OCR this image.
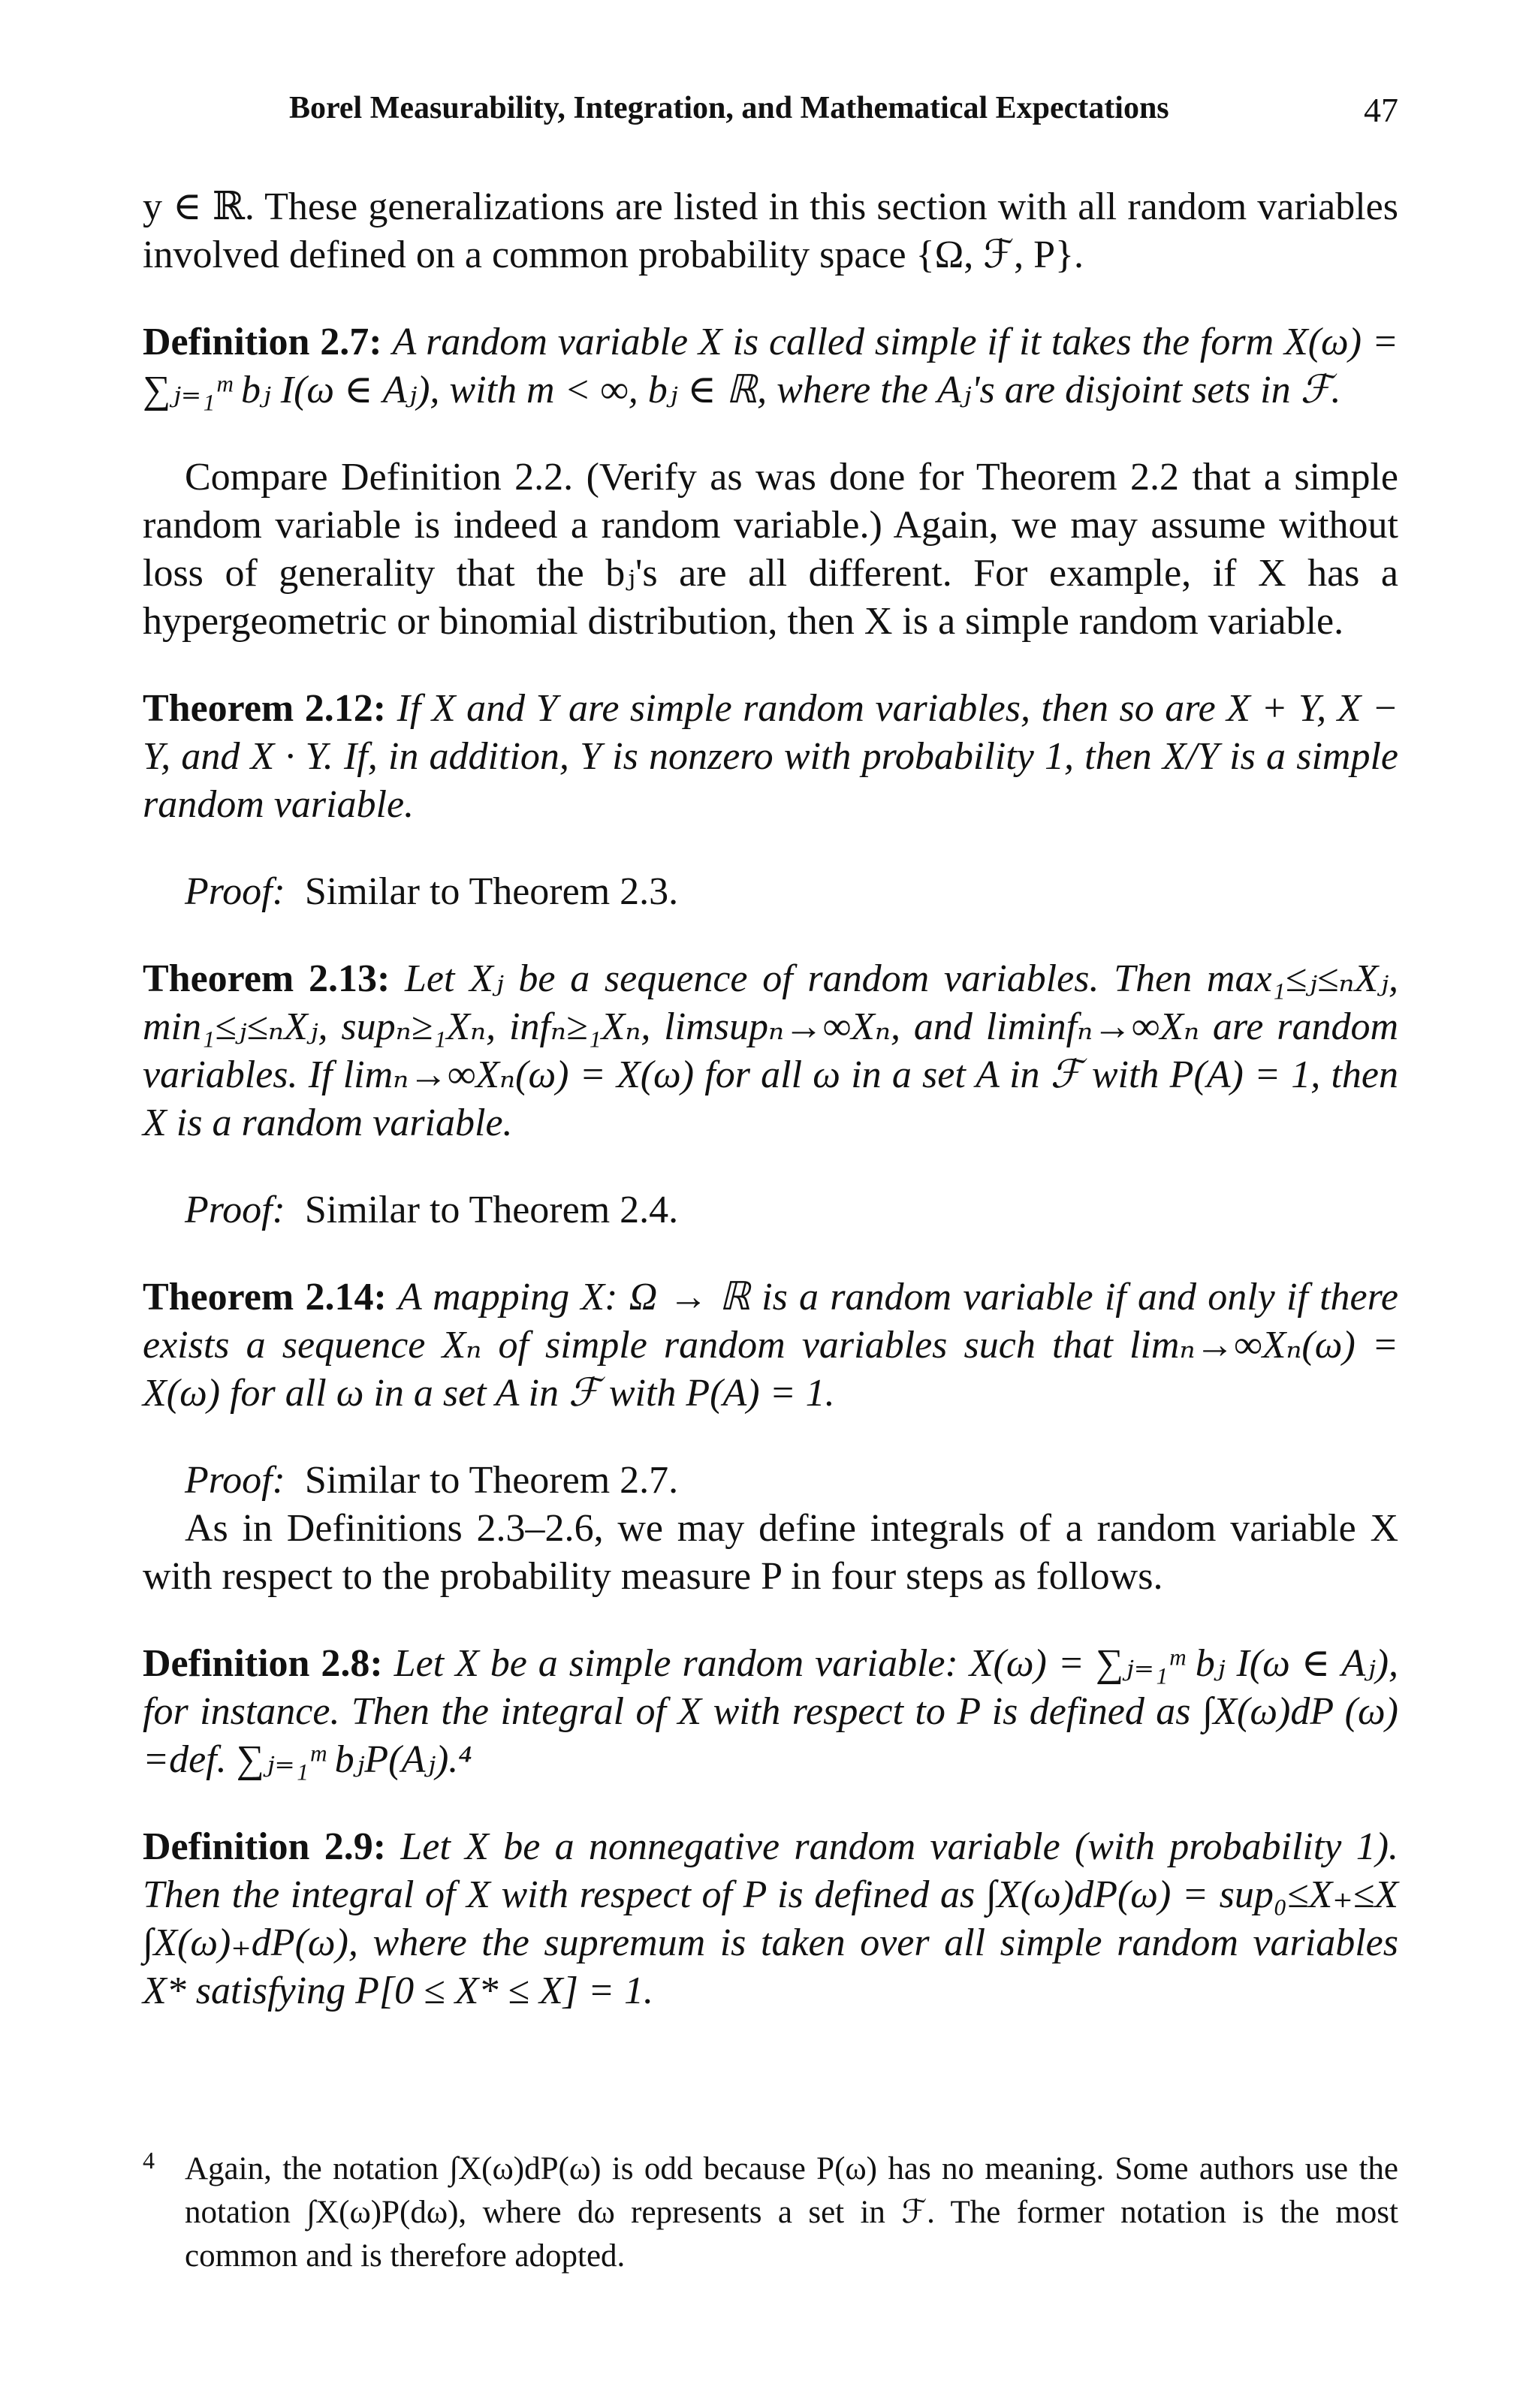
Borel Measurability, Integration, and Mathematical Expectations	47

y ∈ ℝ. These generalizations are listed in this section with all random variables involved defined on a common probability space {Ω, ℱ, P}.

Definition 2.7: A random variable X is called simple if it takes the form X(ω) = ∑ⱼ₌₁ᵐ bⱼ I(ω ∈ Aⱼ), with m < ∞, bⱼ ∈ ℝ, where the Aⱼ's are disjoint sets in ℱ.

Compare Definition 2.2. (Verify as was done for Theorem 2.2 that a simple random variable is indeed a random variable.) Again, we may assume without loss of generality that the bⱼ's are all different. For example, if X has a hypergeometric or binomial distribution, then X is a simple random variable.

Theorem 2.12: If X and Y are simple random variables, then so are X + Y, X − Y, and X · Y. If, in addition, Y is nonzero with probability 1, then X/Y is a simple random variable.

Proof: Similar to Theorem 2.3.

Theorem 2.13: Let Xⱼ be a sequence of random variables. Then max₁≤ⱼ≤ₙXⱼ, min₁≤ⱼ≤ₙXⱼ, supₙ≥₁Xₙ, infₙ≥₁Xₙ, limsupₙ→∞Xₙ, and liminfₙ→∞Xₙ are random variables. If limₙ→∞Xₙ(ω) = X(ω) for all ω in a set A in ℱ with P(A) = 1, then X is a random variable.

Proof: Similar to Theorem 2.4.

Theorem 2.14: A mapping X: Ω → ℝ is a random variable if and only if there exists a sequence Xₙ of simple random variables such that limₙ→∞Xₙ(ω) = X(ω) for all ω in a set A in ℱ with P(A) = 1.

Proof: Similar to Theorem 2.7.

As in Definitions 2.3–2.6, we may define integrals of a random variable X with respect to the probability measure P in four steps as follows.

Definition 2.8: Let X be a simple random variable: X(ω) = ∑ⱼ₌₁ᵐ bⱼ I(ω ∈ Aⱼ), for instance. Then the integral of X with respect to P is defined as ∫X(ω)dP (ω) =def. ∑ⱼ₌₁ᵐ bⱼP(Aⱼ).⁴

Definition 2.9: Let X be a nonnegative random variable (with probability 1). Then the integral of X with respect of P is defined as ∫X(ω)dP(ω) = sup₀≤X₊≤X ∫X(ω)₊dP(ω), where the supremum is taken over all simple random variables X* satisfying P[0 ≤ X* ≤ X] = 1.

4 Again, the notation ∫X(ω)dP(ω) is odd because P(ω) has no meaning. Some authors use the notation ∫X(ω)P(dω), where dω represents a set in ℱ. The former notation is the most common and is therefore adopted.
